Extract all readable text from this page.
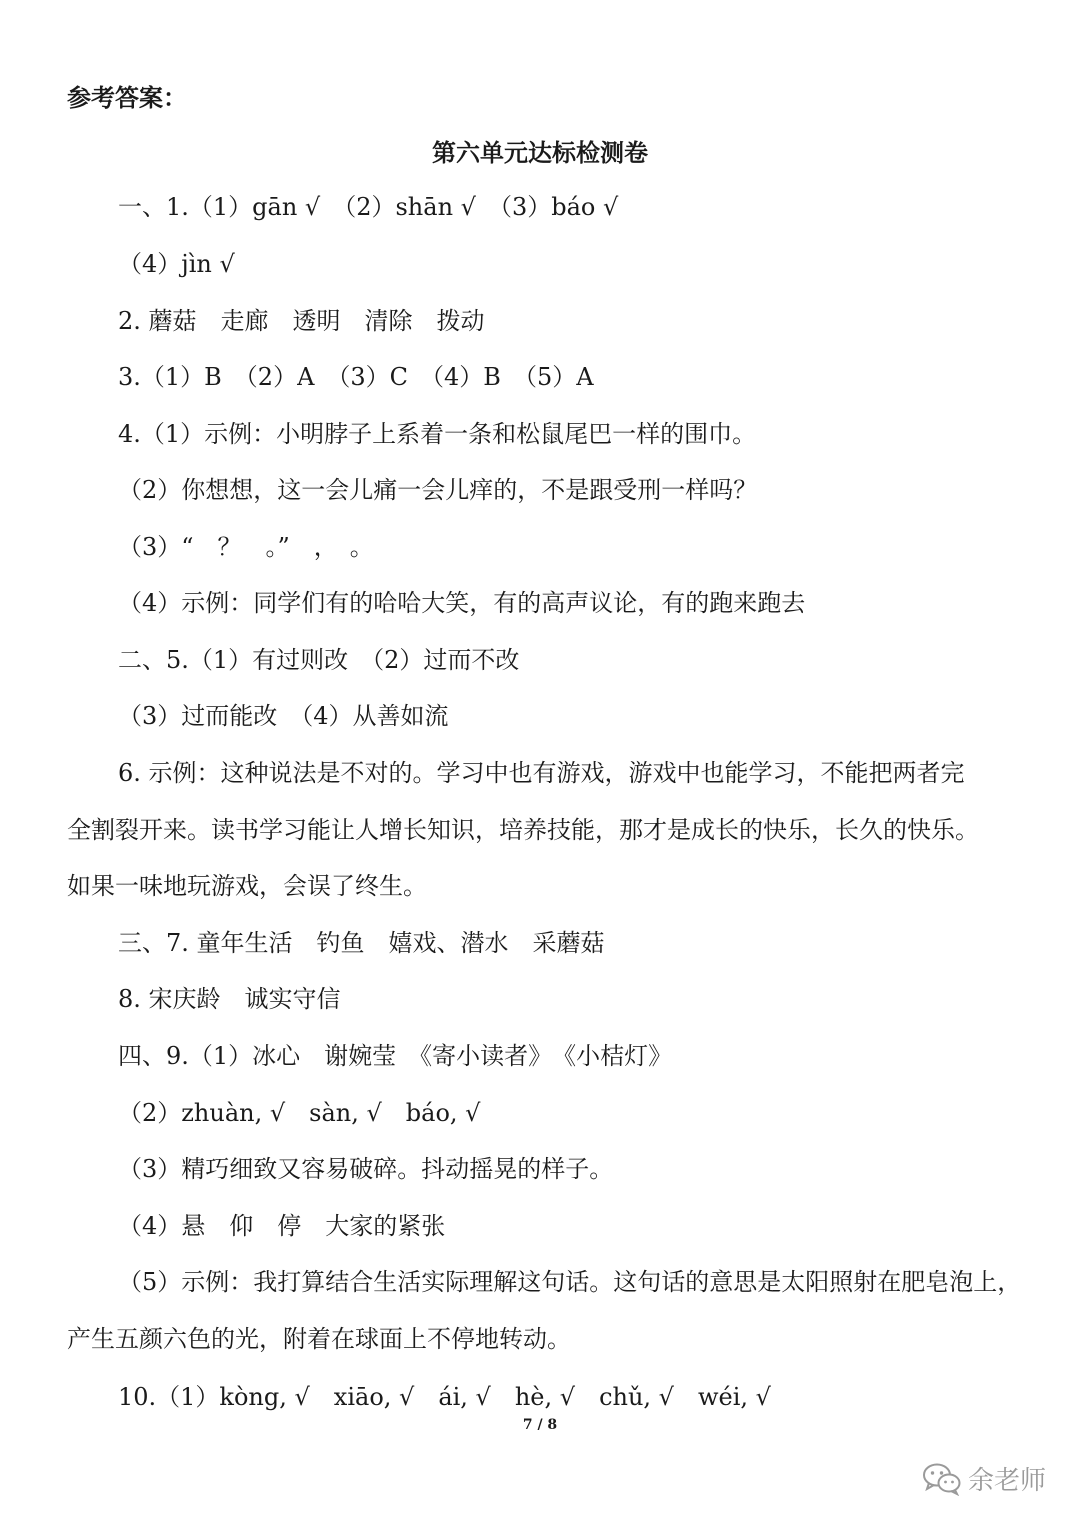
参考答案：
第六单元达标检测卷
一、1.（1）gān √　（2）shān √　（3）báo √
（4）jìn √
2. 蘑菇　走廊　透明　清除　拨动
3.（1）B　（2）A　（3）C　（4）B　（5）A
4.（1）示例：小明脖子上系着一条和松鼠尾巴一样的围巾。
（2）你想想，这一会儿痛一会儿痒的，不是跟受刑一样吗？
（3）“　？　。”　，　。
（4）示例：同学们有的哈哈大笑，有的高声议论，有的跑来跑去
二、5.（1）有过则改　（2）过而不改
（3）过而能改　（4）从善如流
6. 示例：这种说法是不对的。学习中也有游戏，游戏中也能学习，不能把两者完
全割裂开来。读书学习能让人增长知识，培养技能，那才是成长的快乐，长久的快乐。
如果一味地玩游戏，会误了终生。
三、7. 童年生活　钓鱼　嬉戏、潜水　采蘑菇
8. 宋庆龄　诚实守信
四、9.（1）冰心　谢婉莹　《寄小读者》　《小桔灯》
（2）zhuàn, √　sàn, √　báo, √
（3）精巧细致又容易破碎。抖动摇晃的样子。
（4）悬　仰　停　大家的紧张
（5）示例：我打算结合生活实际理解这句话。这句话的意思是太阳照射在肥皂泡上，
产生五颜六色的光，附着在球面上不停地转动。
10.（1）kòng, √　xiāo, √　ái, √　hè, √　chǔ, √　wéi, √
7 / 8
余老师
